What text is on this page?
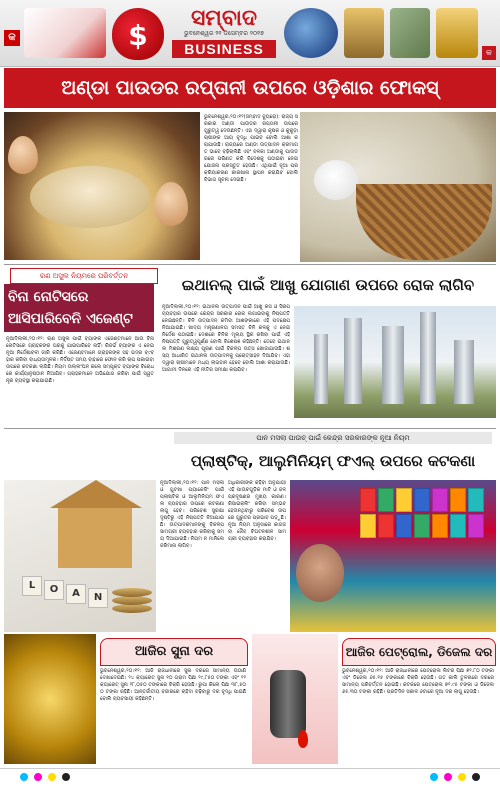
କ	$
ସମ୍ବାଦ
ଭୁବନେଶ୍ୱର ୨୧ ଡିସେମ୍ବର ୨୦୧୭
BUSINESS	କ
ଅଣ୍ଡା ପାଉଡର ରପ୍ତାନୀ ଉପରେ ଓଡ଼ିଶାର ଫୋକସ୍
ଭୁବନେଶ୍ୱର,୨୦।୧୨(ସମ୍ବାଦ ବ୍ୟୁରୋ): ରାଜ୍ୟ ସରକାର ଅଣ୍ଡା ପାଉଡର ରପ୍ତାନୀ ଉପରେ ଗୁରୁତ୍ୱ ଦେଉଛନ୍ତି। ଏହା ଦ୍ୱାରା କୃଷକ ଓ କୁକୁଡ଼ା ଚାଷୀଙ୍କ ଆୟ ବୃଦ୍ଧି ପାଇବ ବୋଲି ଆଶା କରାଯାଉଛି। ରାଜ୍ୟରେ ଅଣ୍ଡା ଉତ୍ପାଦନ କ୍ରମାଗତ ଭାବେ ବଢ଼ିଚାଲିଛି ଏବଂ ବଳକା ଅଣ୍ଡାକୁ ପାଉଡରରେ ପରିଣତ କରି ବିଦେଶକୁ ପଠାଇବା ନେଇ ଯୋଜନା ପ୍ରସ୍ତୁତ ହେଉଛି। ଏଥିପାଇଁ ନୂଆ ପ୍ରକ୍ରିୟାକରଣ କାରଖାନା ସ୍ଥାପନ କରାଯିବ ବୋଲି ବିଭାଗ ସୂଚନା ଦେଇଛି।
ରଣ ଅସୁଲ ନିୟମରେ ପରିବର୍ତ୍ତନ
ବିନା ନୋଟିସରେ ଆସିପାରିବେନି ଏଜେଣ୍ଟ
ନୂଆଦିଲ୍ଲୀ,୨୦।୧୨: ଋଣ ଅସୁଲ ପାଇଁ ବ୍ୟାଙ୍କ ଏଜେଣ୍ଟମାନେ ଆଉ ବିନା ନୋଟିସରେ ଗ୍ରାହକଙ୍କ ଘରକୁ ଯାଇପାରିବେ ନାହିଁ। ରିଜର୍ଭ ବ୍ୟାଙ୍କ ଏ ନେଇ ନୂଆ ନିର୍ଦ୍ଦେଶାବଳୀ ଜାରି କରିଛି। ଏଜେଣ୍ଟମାନେ ଗ୍ରାହକଙ୍କ ସହ ଭଦ୍ର ବ୍୯ବହାର କରିବା ବାଧ୍ୟତାମୂଳକ। ନିର୍ଦ୍ଦିଷ୍ଟ ସମୟ ବାହାରେ ଫୋନ କରି ଚାପ ପକାଇବା ଉପରେ କଟକଣା ଲାଗିଛି। ନିୟମ ଉଲ୍ଲଂଘନ କଲେ ସମ୍ପୃକ୍ତ ବ୍ୟାଙ୍କ ବିରୋଧରେ କାର୍ଯ୍ୟାନୁଷ୍ଠାନ ନିଆଯିବ। ଗ୍ରାହକମାନେ ଅଭିଯୋଗ କରିବା ପାଇଁ ସ୍ୱତନ୍ତ୍ର ବ୍ୟବସ୍ଥା କରାଯାଇଛି।
ଇଥାନଲ୍ ପାଇଁ ଆଖୁ ଯୋଗାଣ ଉପରେ ରୋକ ଲାଗିବ
ନୂଆଦିଲ୍ଲୀ,୨୦।୧୨: ଇଥାନଲ ଉତ୍ପାଦନ ପାଇଁ ଆଖୁ ରସ ଓ ସିରପ ବ୍ୟବହାର ଉପରେ କେନ୍ଦ୍ର ସରକାର ରୋକ ଲଗାଇବାକୁ ନିଷ୍ପତ୍ତି ନେଇଛନ୍ତି। ଚିନି ଉତ୍ପାଦନ କମିବା ଆଶଙ୍କାରେ ଏହି ପଦକ୍ଷେପ ନିଆଯାଇଛି। ଖାଦ୍ୟ ମନ୍ତ୍ରଣାଳୟ ସମସ୍ତ ଚିନି କଳକୁ ଏ ନେଇ ନିର୍ଦ୍ଦେଶ ପଠାଇଛି। ଦେଶରେ ଚିନିର ମୂଲ୍ୟ ସ୍ଥିର ରଖିବା ପାଇଁ ଏହି ନିଷ୍ପତ୍ତି ଗୁରୁତ୍ୱପୂର୍ଣ୍ଣ ବୋଲି ବିଶେଷଜ୍ଞ କହିଛନ୍ତି। ତେବେ ଇଥାନଲ ମିଶ୍ରଣ ଲକ୍ଷ୍ୟ ପୂରଣ ପାଇଁ ବିକଳ୍ପ ଉତ୍ସ ଖୋଜାଯାଉଛି। ଶସ୍ୟ ଆଧାରିତ ଇଥାନଲ ଉତ୍ପାଦନକୁ ପ୍ରୋତ୍ସାହନ ଦିଆଯିବ। ଏହା ଦ୍ୱାରା ଚାଷୀମାନେ ମଧ୍ୟ ଲାଭବାନ ହେବେ ବୋଲି ଆଶା କରାଯାଉଛି। ଆଗାମୀ ଦିନରେ ଏହି ନୀତିର ସମୀକ୍ଷା କରାଯିବ।
ପାନ ମସଲା ପାଉଚ୍ ପାଇଁ କେନ୍ଦ୍ର ସରକାରଙ୍କ ନୂଆ ନିୟମ
ପ୍ଲାଷ୍ଟିକ୍, ଆଲୁମିନିୟମ୍ ଫଏଲ୍ ଉପରେ କଟକଣା
L	O	A	N
ନୂଆଦିଲ୍ଲୀ,୨୦।୧୨: ପାନ ମସଲା ଓ ଗୁଟଖା ପ୍ୟାକେଜିଂ ପାଇଁ ପ୍ଲାଷ୍ଟିକ ଓ ଆଲୁମିନିୟମ ଫଏଲ ବ୍ୟବହାର ଉପରେ କଟକଣା ଲାଗୁ ହେବ। ପରିବେଶ ସୁରକ୍ଷା ଦୃଷ୍ଟିରୁ ଏହି ନିଷ୍ପତ୍ତି ନିଆଯାଇଛି। ଉତ୍ପାଦକମାନଙ୍କୁ ବିକଳ୍ପ ସାମଗ୍ରୀ ବ୍ୟବହାର କରିବାକୁ ସମୟ ଦିଆଯାଇଛି। ନିୟମ ନ ମାନିଲେ ଜରିମାନା ଲାଗିବ।
ଅଧିକାରୀଙ୍କ କହିବା ଅନୁଯାୟୀ ଏହି ପାଉଚଗୁଡ଼ିକ ମାଟି ଓ ଜଳ ପ୍ରଦୂଷଣର ମୁଖ୍ୟ କାରଣ। ରିସାଇକ୍ଲିଂ କରିବା ସମ୍ଭବ ହେଉନଥିବାରୁ ପରିବେଶ ଉପରେ ଗୁରୁତର ପ୍ରଭାବ ପଡ଼ୁଛି। ନୂଆ ନିୟମ ଅନୁସାରେ କାଗଜ ବା ଜୈବ ବିଘଟନଶୀଳ ସାମଗ୍ରୀ ବ୍ୟବହାର କରାଯିବ।
ଆଜିର ସୁନା ଦର
ଭୁବନେଶ୍ୱର,୨୦।୧୨: ଆଜି ରାଜଧାନୀରେ ସୁନା ଦରରେ ସାମାନ୍ୟ ଉଠାଣି ଦେଖାଦେଇଛି। ୨୪ କ୍ୟାରେଟ୍ ସୁନା ୧୦ ଗ୍ରାମ ପିଛା ୨୯,୮୫୦ ଟଙ୍କା ଏବଂ ୨୨ କ୍ୟାରେଟ୍ ସୁନା ୨୮,୦୫୦ ଟଙ୍କାରେ ବିକ୍ରି ହେଉଛି। ରୁପା କିଲୋ ପିଛା ୩୮,୫୦୦ ଟଙ୍କା ରହିଛି। ଆନ୍ତର୍ଜାତୀୟ ବଜାରରେ ଚାହିଦା ବଢ଼ିବାରୁ ଦର ବୃଦ୍ଧି ପାଇଛି ବୋଲି ବ୍ୟବସାୟୀ କହିଛନ୍ତି।
ଆଜିର ପେଟ୍ରୋଲ, ଡିଜେଲ ଦର
ଭୁବନେଶ୍ୱର,୨୦।୧୨: ଆଜି ରାଜଧାନୀରେ ପେଟ୍ରୋଲ ଲିଟର ପିଛା ୭୨.୮୦ ଟଙ୍କା ଏବଂ ଡିଜେଲ ୬୫.୧୫ ଟଙ୍କାରେ ବିକ୍ରି ହେଉଛି। ଗତ କାଲି ତୁଳନାରେ ଦରରେ ସାମାନ୍ୟ ପରିବର୍ତ୍ତନ ହୋଇଛି। କଟକରେ ପେଟ୍ରୋଲ ୭୨.୯୫ ଟଙ୍କା ଓ ଡିଜେଲ ୬୫.୩୦ ଟଙ୍କା ରହିଛି। ପ୍ରତିଦିନ ସକାଳ ୬ଟାରେ ନୂଆ ଦର ଲାଗୁ ହେଉଛି।
